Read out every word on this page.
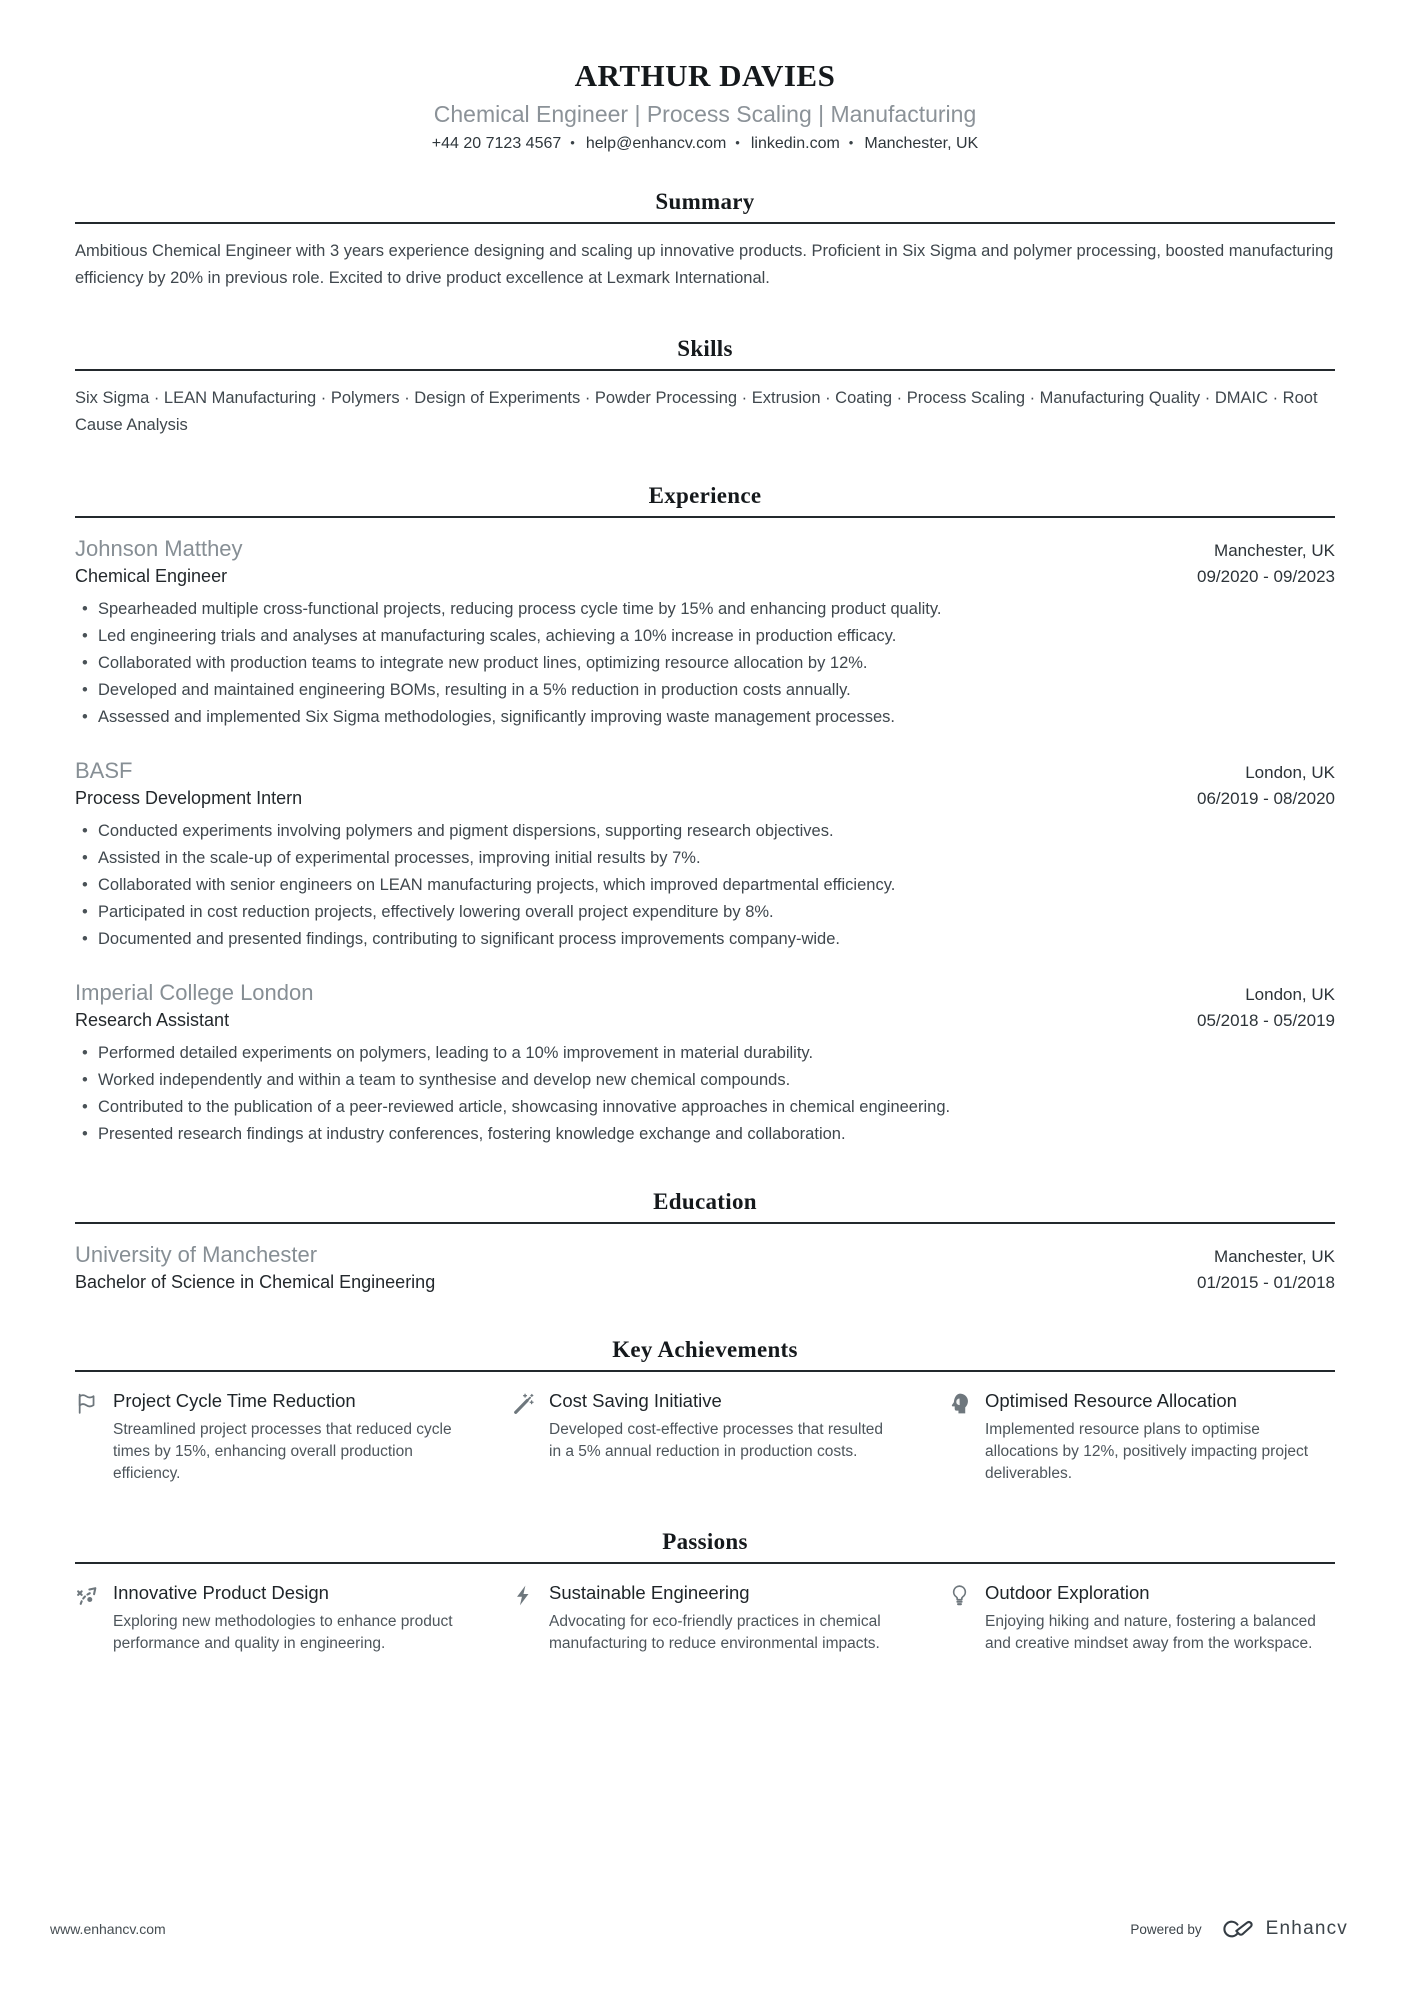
ARTHUR DAVIES
Chemical Engineer | Process Scaling | Manufacturing
+44 20 7123 4567 • help@enhancv.com • linkedin.com • Manchester, UK
Summary

Ambitious Chemical Engineer with 3 years experience designing and scaling up innovative products. Proficient in Six Sigma and polymer processing, boosted manufacturing efficiency by 20% in previous role. Excited to drive product excellence at Lexmark International.

Skills

Six Sigma · LEAN Manufacturing · Polymers · Design of Experiments · Powder Processing · Extrusion · Coating · Process Scaling · Manufacturing Quality · DMAIC · Root Cause Analysis

Experience
Johnson Matthey	Manchester, UK
Chemical Engineer	09/2020 - 09/2023
• Spearheaded multiple cross-functional projects, reducing process cycle time by 15% and enhancing product quality.
• Led engineering trials and analyses at manufacturing scales, achieving a 10% increase in production efficacy.
• Collaborated with production teams to integrate new product lines, optimizing resource allocation by 12%.
• Developed and maintained engineering BOMs, resulting in a 5% reduction in production costs annually.
• Assessed and implemented Six Sigma methodologies, significantly improving waste management processes.
BASF	London, UK
Process Development Intern	06/2019 - 08/2020
• Conducted experiments involving polymers and pigment dispersions, supporting research objectives.
• Assisted in the scale-up of experimental processes, improving initial results by 7%.
• Collaborated with senior engineers on LEAN manufacturing projects, which improved departmental efficiency.
• Participated in cost reduction projects, effectively lowering overall project expenditure by 8%.
• Documented and presented findings, contributing to significant process improvements company-wide.
Imperial College London	London, UK
Research Assistant	05/2018 - 05/2019
• Performed detailed experiments on polymers, leading to a 10% improvement in material durability.
• Worked independently and within a team to synthesise and develop new chemical compounds.
• Contributed to the publication of a peer-reviewed article, showcasing innovative approaches in chemical engineering.
• Presented research findings at industry conferences, fostering knowledge exchange and collaboration.
Education
University of Manchester	Manchester, UK
Bachelor of Science in Chemical Engineering	01/2015 - 01/2018
Key Achievements
Project Cycle Time Reduction
Streamlined project processes that reduced cycle times by 15%, enhancing overall production efficiency.
Cost Saving Initiative
Developed cost-effective processes that resulted in a 5% annual reduction in production costs.
Optimised Resource Allocation
Implemented resource plans to optimise allocations by 12%, positively impacting project deliverables.
Passions
Innovative Product Design
Exploring new methodologies to enhance product performance and quality in engineering.
Sustainable Engineering
Advocating for eco-friendly practices in chemical manufacturing to reduce environmental impacts.
Outdoor Exploration
Enjoying hiking and nature, fostering a balanced and creative mindset away from the workspace.
www.enhancv.com	Powered by	Enhancv
